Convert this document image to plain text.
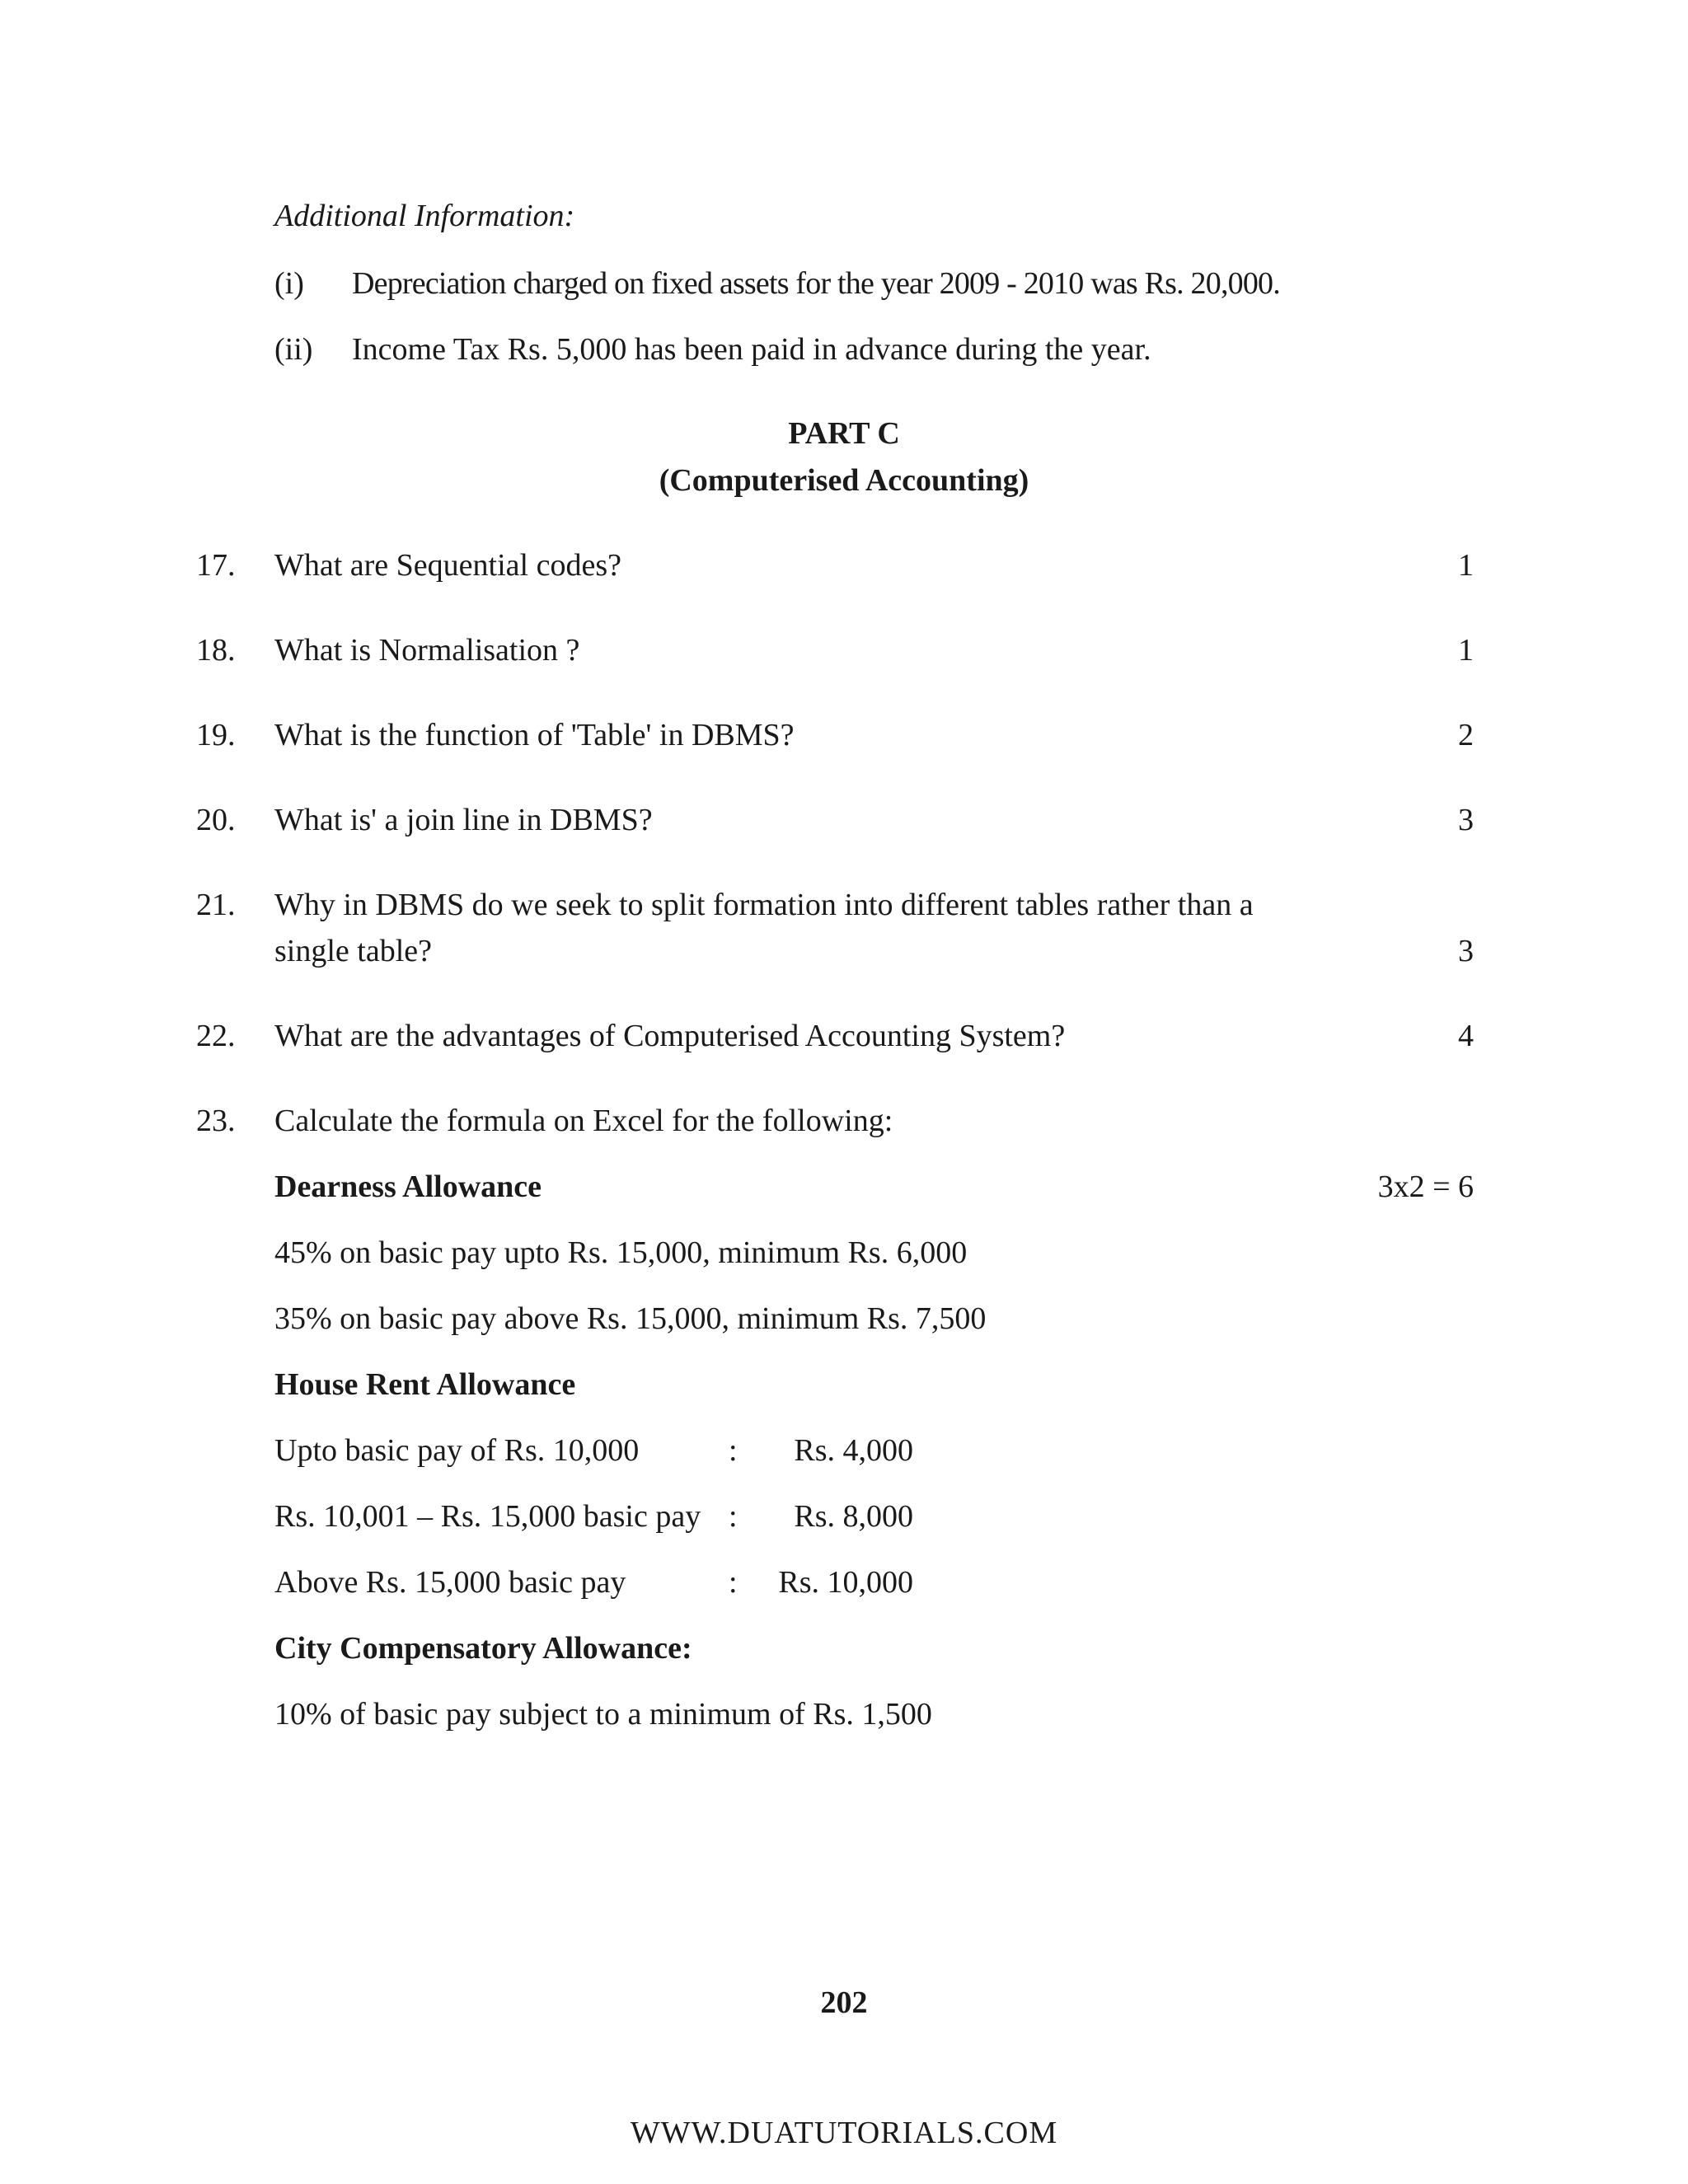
Additional Information:
(i) Depreciation charged on fixed assets for the year 2009 - 2010 was Rs. 20,000.
(ii) Income Tax Rs. 5,000 has been paid in advance during the year.
PART C
(Computerised Accounting)
17. What are Sequential codes?	1
18. What is Normalisation ?	1
19. What is the function of 'Table' in DBMS?	2
20. What is' a join line in DBMS?	3
21. Why in DBMS do we seek to split formation into different tables rather than a
single table?	3
22. What are the advantages of Computerised Accounting System?	4
23. Calculate the formula on Excel for the following:
Dearness Allowance	3x2 = 6
45% on basic pay upto Rs. 15,000, minimum Rs. 6,000
35% on basic pay above Rs. 15,000, minimum Rs. 7,500
House Rent Allowance
Upto basic pay of Rs. 10,000	: Rs. 4,000
Rs. 10,001 – Rs. 15,000 basic pay : Rs. 8,000
Above Rs. 15,000 basic pay	: Rs. 10,000
City Compensatory Allowance:
10% of basic pay subject to a minimum of Rs. 1,500
202
WWW.DUATUTORIALS.COM
